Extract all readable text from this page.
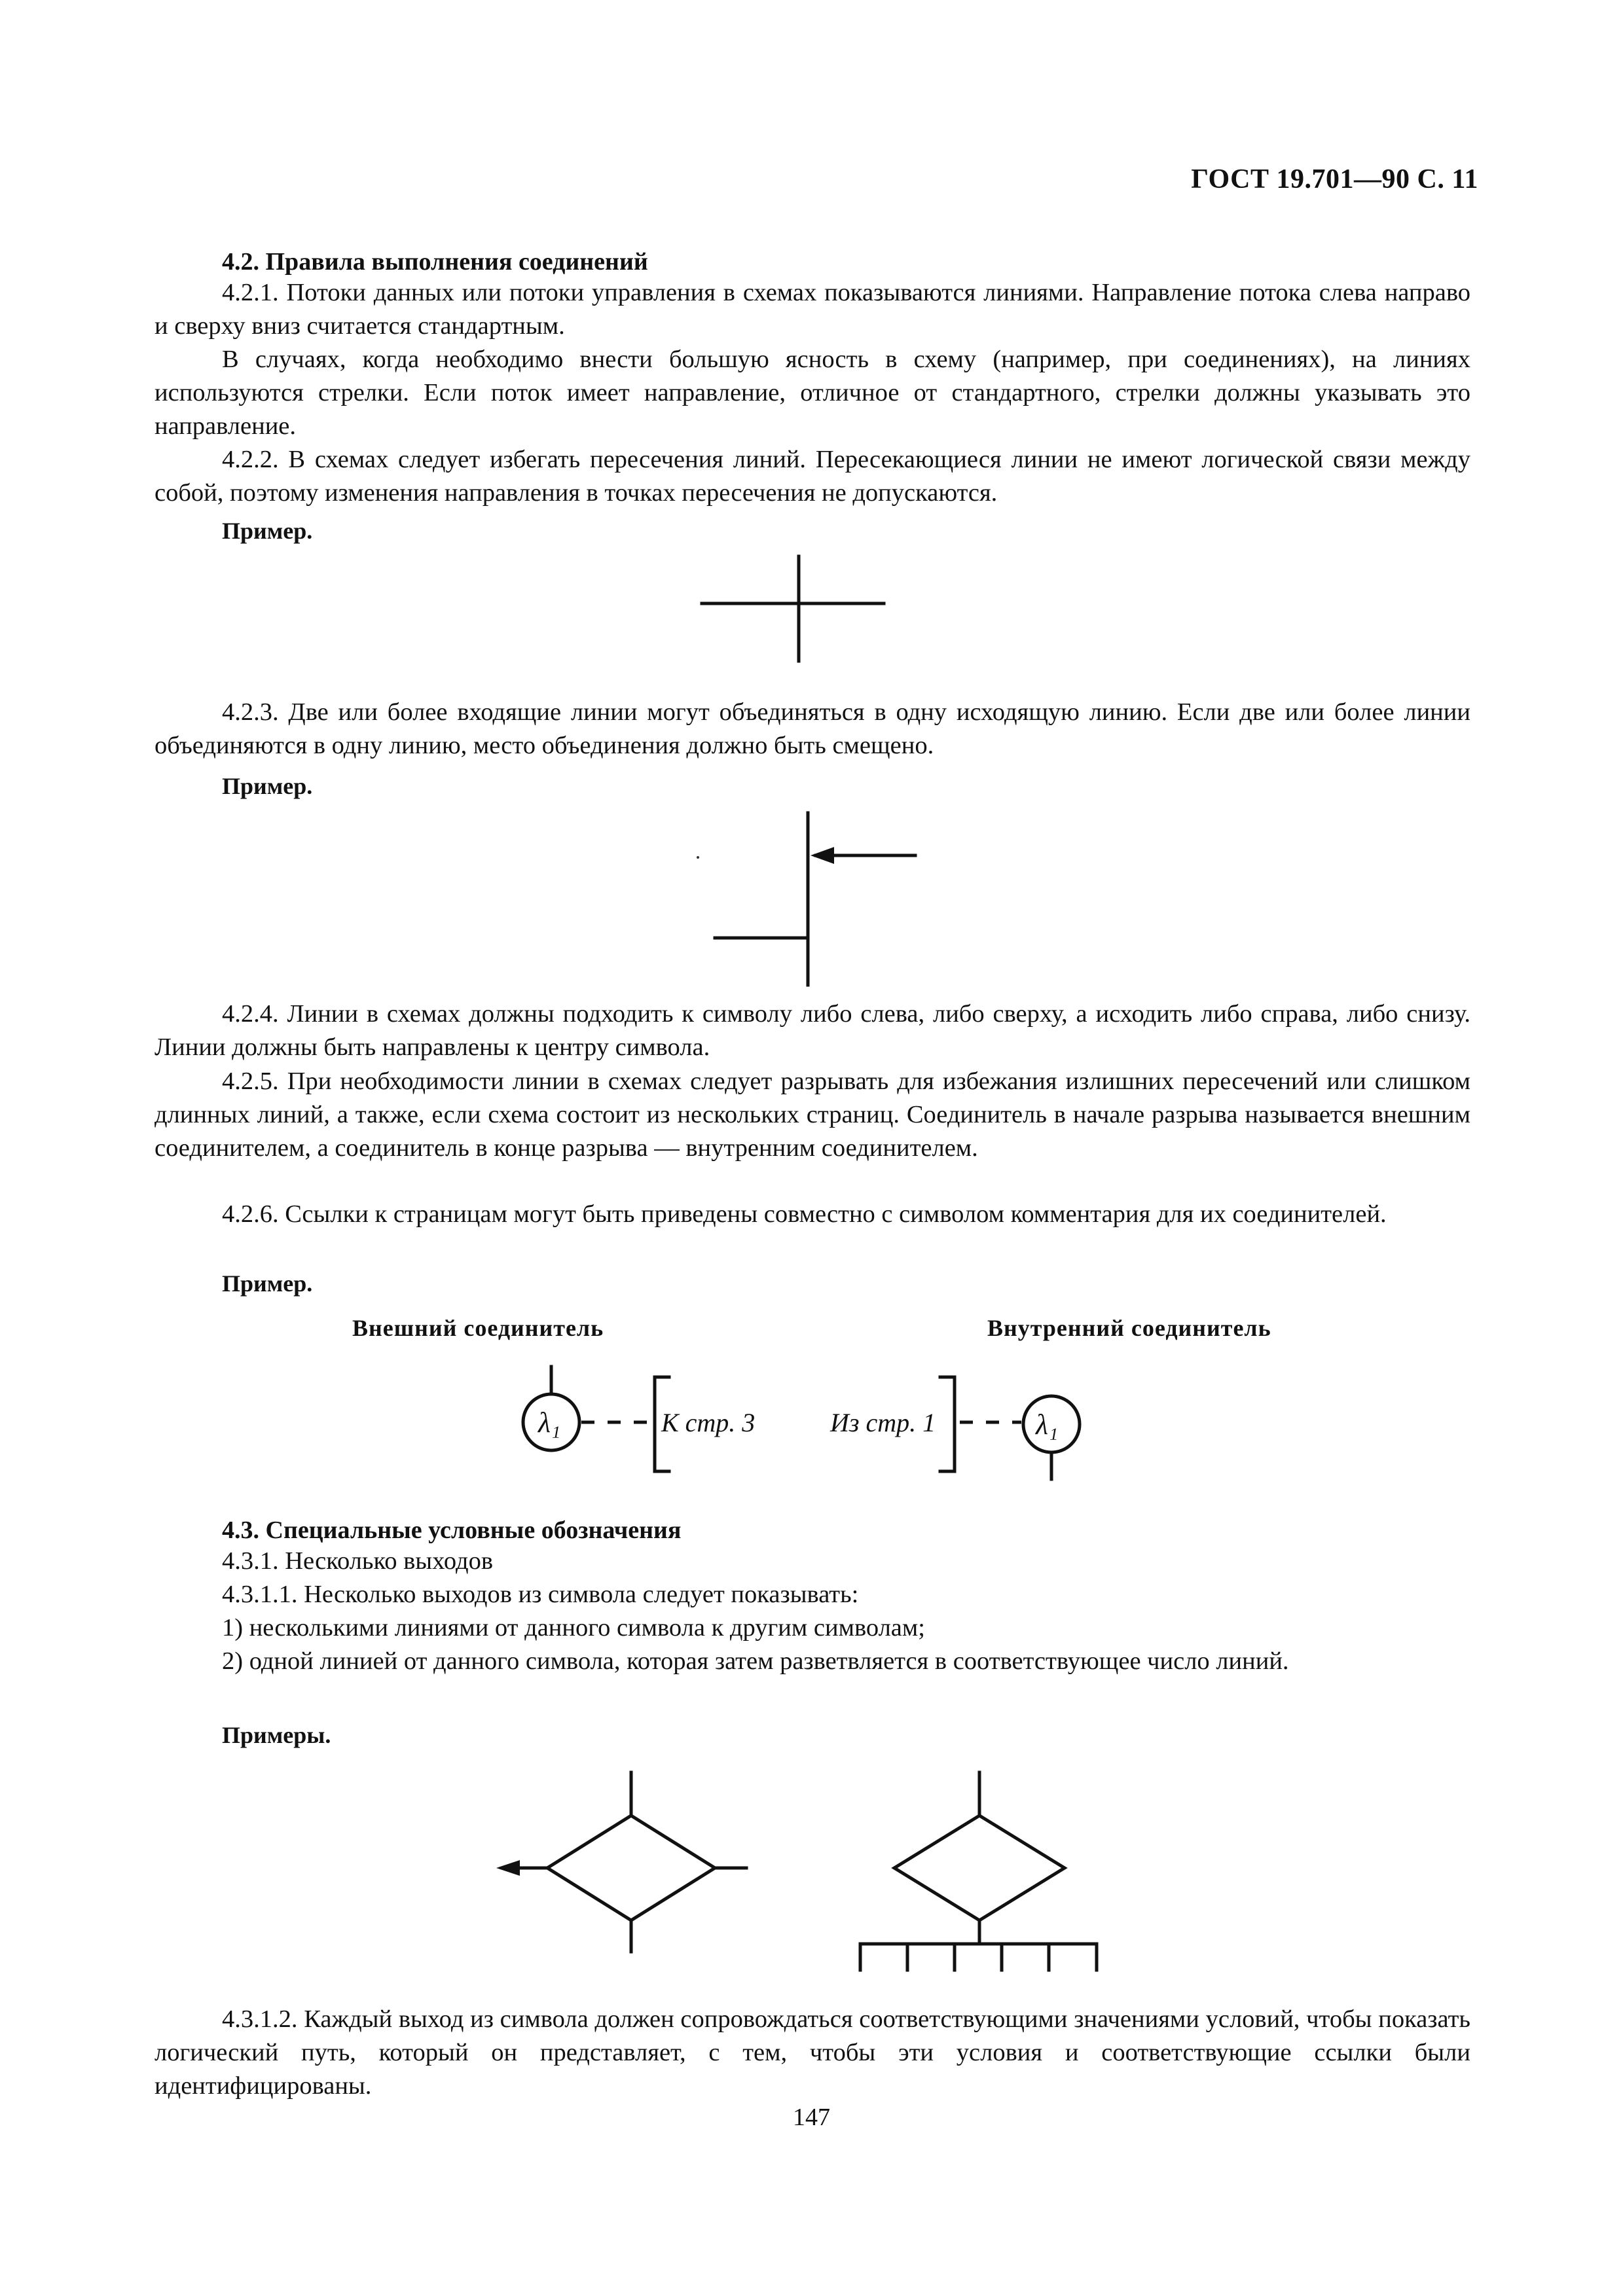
ГОСТ 19.701—90 С. 11
4.2. Правила выполнения соединений
4.2.1. Потоки данных или потоки управления в схемах показываются линиями. Направление потока слева направо и сверху вниз считается стандартным.
В случаях, когда необходимо внести большую ясность в схему (например, при соединениях), на линиях используются стрелки. Если поток имеет направление, отличное от стандартного, стрелки должны указывать это направление.
4.2.2. В схемах следует избегать пересечения линий. Пересекающиеся линии не имеют логической связи между собой, поэтому изменения направления в точках пересечения не допускаются.
Пример.
4.2.3. Две или более входящие линии могут объединяться в одну исходящую линию. Если две или более линии объединяются в одну линию, место объединения должно быть смещено.
Пример.
4.2.4. Линии в схемах должны подходить к символу либо слева, либо сверху, а исходить либо справа, либо снизу. Линии должны быть направлены к центру символа.
4.2.5. При необходимости линии в схемах следует разрывать для избежания излишних пересечений или слишком длинных линий, а также, если схема состоит из нескольких страниц. Соединитель в начале разрыва называется внешним соединителем, а соединитель в конце разрыва — внутренним соединителем.
4.2.6. Ссылки к страницам могут быть приведены совместно с символом комментария для их соединителей.
Пример.
Внешний соединитель	Внутренний соединитель
λ₁	К стр. 3	Из стр. 1	λ₁
4.3. Специальные условные обозначения
4.3.1. Несколько выходов
4.3.1.1. Несколько выходов из символа следует показывать:
1) несколькими линиями от данного символа к другим символам;
2) одной линией от данного символа, которая затем разветвляется в соответствующее число линий.
Примеры.
4.3.1.2. Каждый выход из символа должен сопровождаться соответствующими значениями условий, чтобы показать логический путь, который он представляет, с тем, чтобы эти условия и соответствующие ссылки были идентифицированы.
147
